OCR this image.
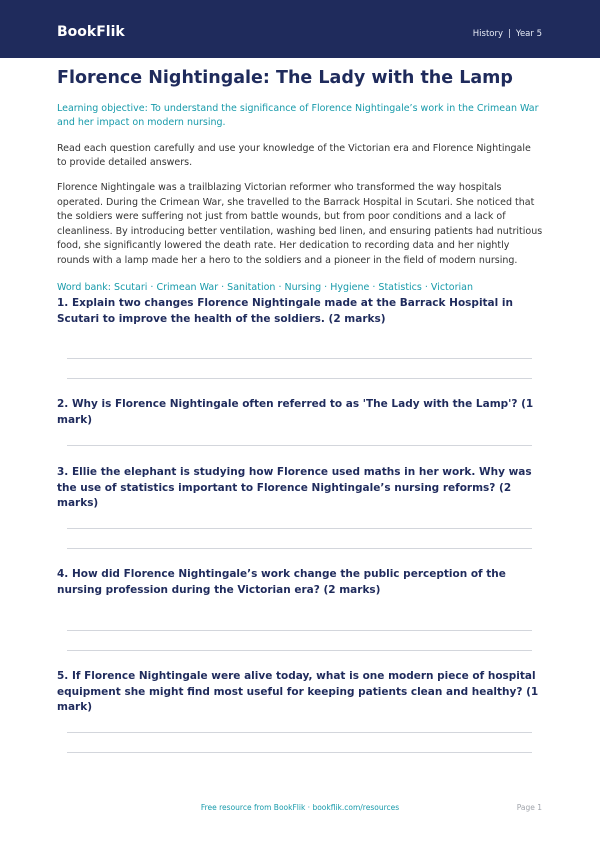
BookFlik	History | Year 5
Florence Nightingale: The Lady with the Lamp

Learning objective: To understand the significance of Florence Nightingale’s work in the Crimean War and her impact on modern nursing.

Read each question carefully and use your knowledge of the Victorian era and Florence Nightingale to provide detailed answers.

Florence Nightingale was a trailblazing Victorian reformer who transformed the way hospitals operated. During the Crimean War, she travelled to the Barrack Hospital in Scutari. She noticed that the soldiers were suffering not just from battle wounds, but from poor conditions and a lack of cleanliness. By introducing better ventilation, washing bed linen, and ensuring patients had nutritious food, she significantly lowered the death rate. Her dedication to recording data and her nightly rounds with a lamp made her a hero to the soldiers and a pioneer in the field of modern nursing.

Word bank: Scutari · Crimean War · Sanitation · Nursing · Hygiene · Statistics · Victorian

1. Explain two changes Florence Nightingale made at the Barrack Hospital in Scutari to improve the health of the soldiers. (2 marks)
2. Why is Florence Nightingale often referred to as 'The Lady with the Lamp'? (1 mark)
3. Ellie the elephant is studying how Florence used maths in her work. Why was the use of statistics important to Florence Nightingale’s nursing reforms? (2 marks)
4. How did Florence Nightingale’s work change the public perception of the nursing profession during the Victorian era? (2 marks)
5. If Florence Nightingale were alive today, what is one modern piece of hospital equipment she might find most useful for keeping patients clean and healthy? (1 mark)
Free resource from BookFlik · bookflik.com/resources	Page 1
